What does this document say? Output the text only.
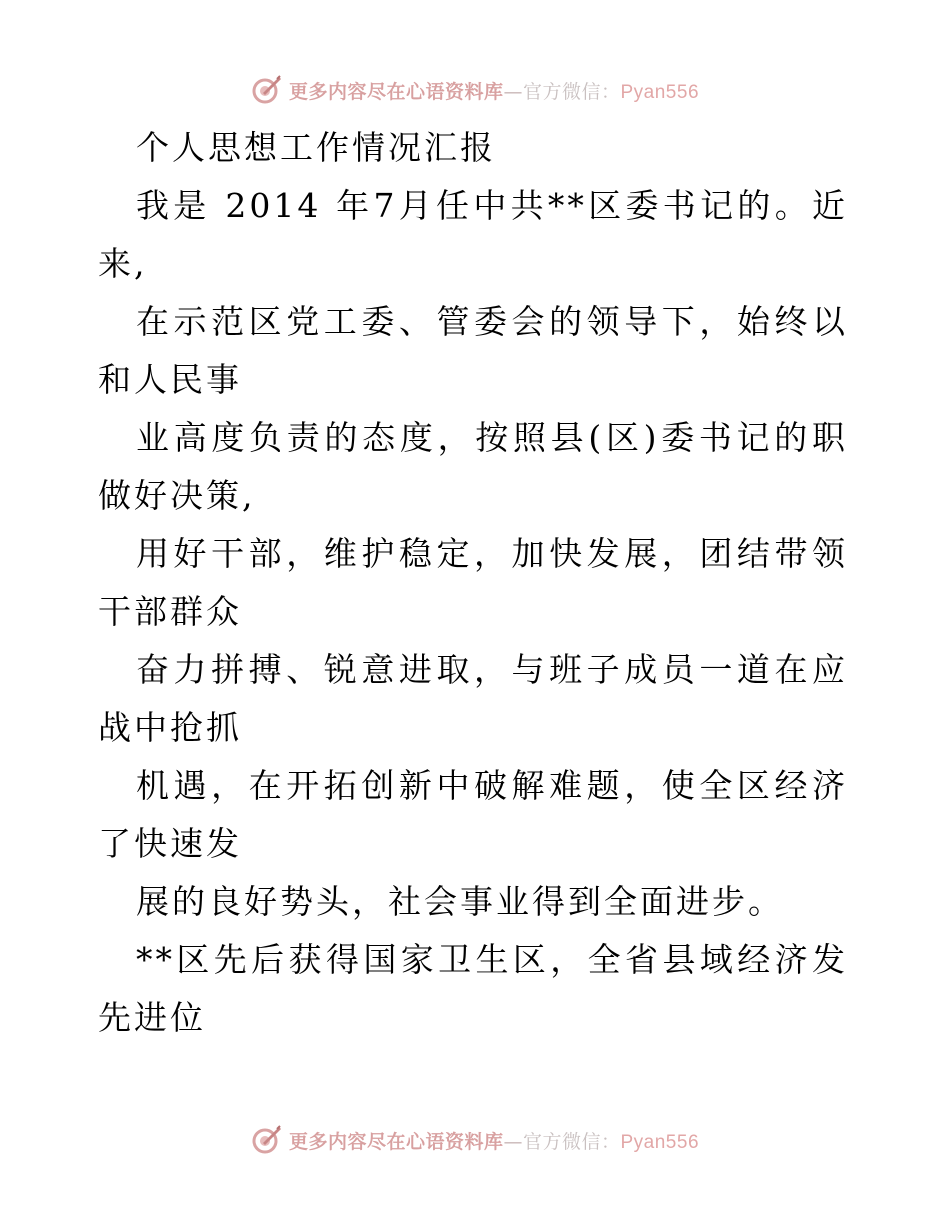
更多内容尽在心语资料库—官方微信：Pyan556
个人思想工作情况汇报
我是 2014 年7月任中共**区委书记的。近
来,
在示范区党工委、管委会的领导下，始终以
和人民事
业高度负责的态度，按照县(区)委书记的职
做好决策,
用好干部，维护稳定，加快发展，团结带领
干部群众
奋力拼搏、锐意进取，与班子成员一道在应
战中抢抓
机遇，在开拓创新中破解难题，使全区经济
了快速发
展的良好势头，社会事业得到全面进步。
**区先后获得国家卫生区，全省县域经济发
先进位
更多内容尽在心语资料库—官方微信：Pyan556
